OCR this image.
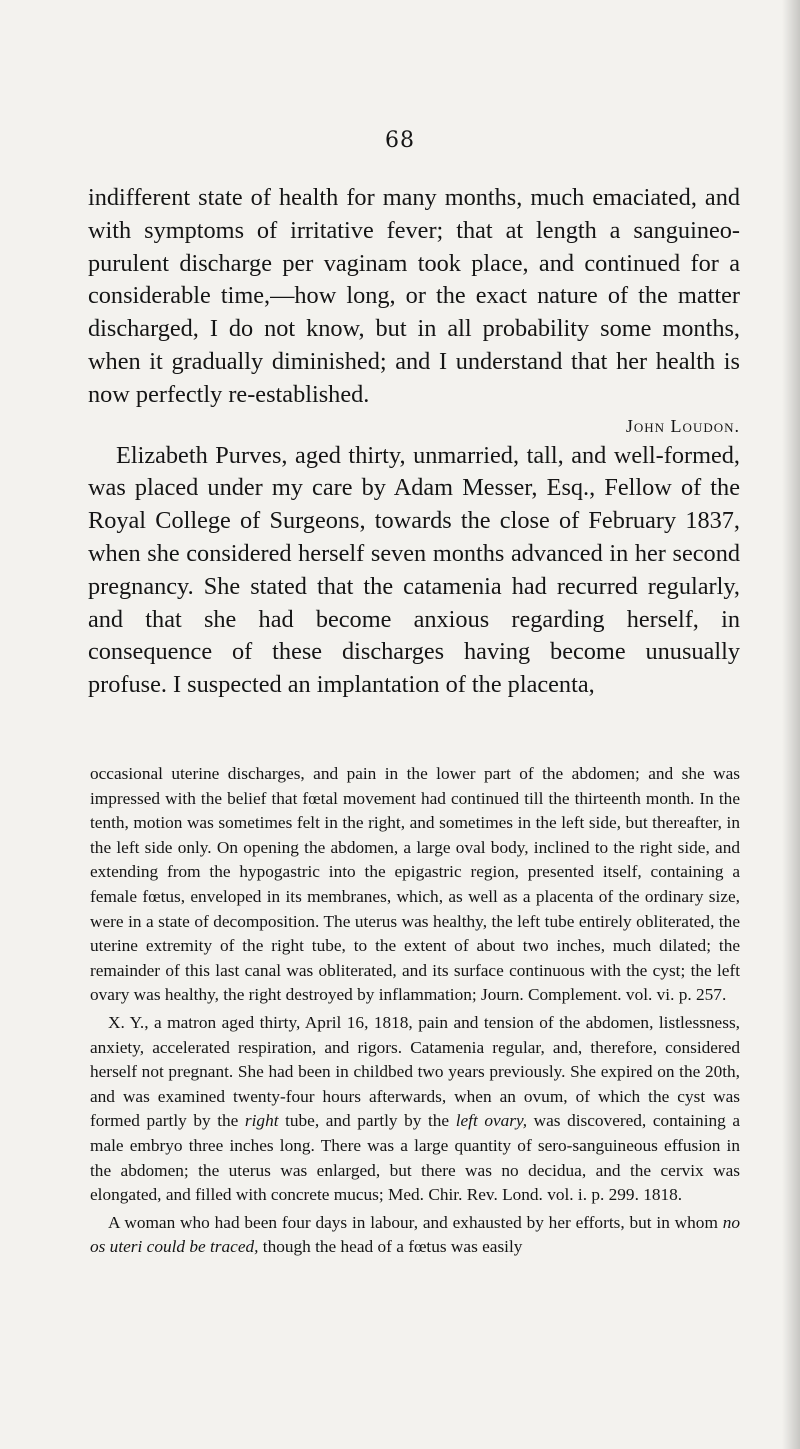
68

indifferent state of health for many months, much emaciated, and with symptoms of irritative fever; that at length a sanguineo-purulent discharge per vaginam took place, and continued for a considerable time,—how long, or the exact nature of the matter discharged, I do not know, but in all probability some months, when it gradually diminished; and I understand that her health is now perfectly re-established.

John Loudon.

Elizabeth Purves, aged thirty, unmarried, tall, and well-formed, was placed under my care by Adam Messer, Esq., Fellow of the Royal College of Surgeons, towards the close of February 1837, when she considered herself seven months advanced in her second pregnancy. She stated that the catamenia had recurred regularly, and that she had become anxious regarding herself, in consequence of these discharges having become unusually profuse. I suspected an implantation of the placenta,

occasional uterine discharges, and pain in the lower part of the abdomen; and she was impressed with the belief that fœtal movement had continued till the thirteenth month. In the tenth, motion was sometimes felt in the right, and sometimes in the left side, but thereafter, in the left side only. On opening the abdomen, a large oval body, inclined to the right side, and extending from the hypogastric into the epigastric region, presented itself, containing a female fœtus, enveloped in its membranes, which, as well as a placenta of the ordinary size, were in a state of decomposition. The uterus was healthy, the left tube entirely obliterated, the uterine extremity of the right tube, to the extent of about two inches, much dilated; the remainder of this last canal was obliterated, and its surface continuous with the cyst; the left ovary was healthy, the right destroyed by inflammation; Journ. Complement. vol. vi. p. 257.

X. Y., a matron aged thirty, April 16, 1818, pain and tension of the abdomen, listlessness, anxiety, accelerated respiration, and rigors. Catamenia regular, and, therefore, considered herself not pregnant. She had been in childbed two years previously. She expired on the 20th, and was examined twenty-four hours afterwards, when an ovum, of which the cyst was formed partly by the right tube, and partly by the left ovary, was discovered, containing a male embryo three inches long. There was a large quantity of sero-sanguineous effusion in the abdomen; the uterus was enlarged, but there was no decidua, and the cervix was elongated, and filled with concrete mucus; Med. Chir. Rev. Lond. vol. i. p. 299. 1818.

A woman who had been four days in labour, and exhausted by her efforts, but in whom no os uteri could be traced, though the head of a fœtus was easily
